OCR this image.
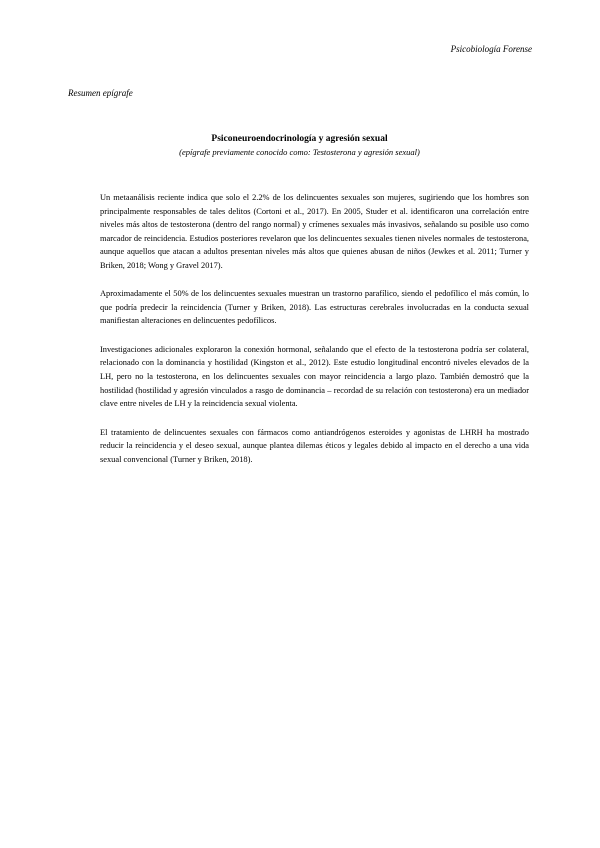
Psicobiología Forense
Resumen epígrafe
Psiconeuroendocrinología y agresión sexual
(epígrafe previamente conocido como: Testosterona y agresión sexual)

Un metaanálisis reciente indica que solo el 2.2% de los delincuentes sexuales son mujeres, sugiriendo que los hombres son principalmente responsables de tales delitos (Cortoni et al., 2017). En 2005, Studer et al. identificaron una correlación entre niveles más altos de testosterona (dentro del rango normal) y crímenes sexuales más invasivos, señalando su posible uso como marcador de reincidencia. Estudios posteriores revelaron que los delincuentes sexuales tienen niveles normales de testosterona, aunque aquellos que atacan a adultos presentan niveles más altos que quienes abusan de niños (Jewkes et al. 2011; Turner y Briken, 2018; Wong y Gravel 2017).

Aproximadamente el 50% de los delincuentes sexuales muestran un trastorno parafílico, siendo el pedofílico el más común, lo que podría predecir la reincidencia (Turner y Briken, 2018). Las estructuras cerebrales involucradas en la conducta sexual manifiestan alteraciones en delincuentes pedofílicos.

Investigaciones adicionales exploraron la conexión hormonal, señalando que el efecto de la testosterona podría ser colateral, relacionado con la dominancia y hostilidad (Kingston et al., 2012). Este estudio longitudinal encontró niveles elevados de la LH, pero no la testosterona, en los delincuentes sexuales con mayor reincidencia a largo plazo. También demostró que la hostilidad (hostilidad y agresión vinculados a rasgo de dominancia – recordad de su relación con testosterona) era un mediador clave entre niveles de LH y la reincidencia sexual violenta.

El tratamiento de delincuentes sexuales con fármacos como antiandrógenos esteroides y agonistas de LHRH ha mostrado reducir la reincidencia y el deseo sexual, aunque plantea dilemas éticos y legales debido al impacto en el derecho a una vida sexual convencional (Turner y Briken, 2018).
